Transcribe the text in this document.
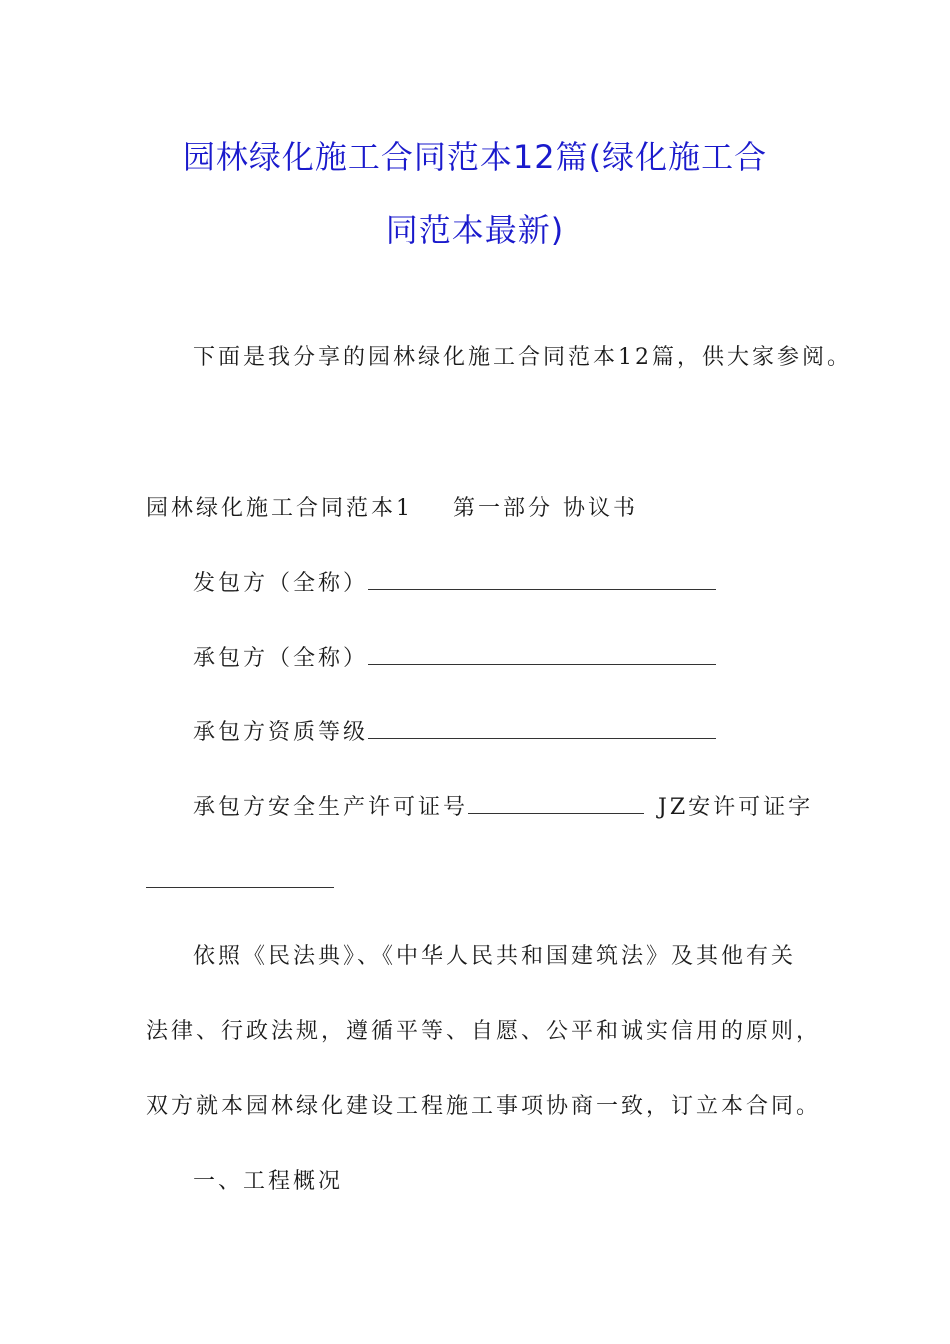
园林绿化施工合同范本12篇(绿化施工合
同范本最新)
下面是我分享的园林绿化施工合同范本12篇，供大家参阅。
园林绿化施工合同范本1 第一部分 协议书
发包方（全称）
承包方（全称）
承包方资质等级
承包方安全生产许可证号	JZ安许可证字
依照《民法典》、《中华人民共和国建筑法》及其他有关
法律、行政法规，遵循平等、自愿、公平和诚实信用的原则，
双方就本园林绿化建设工程施工事项协商一致，订立本合同。
一、工程概况
